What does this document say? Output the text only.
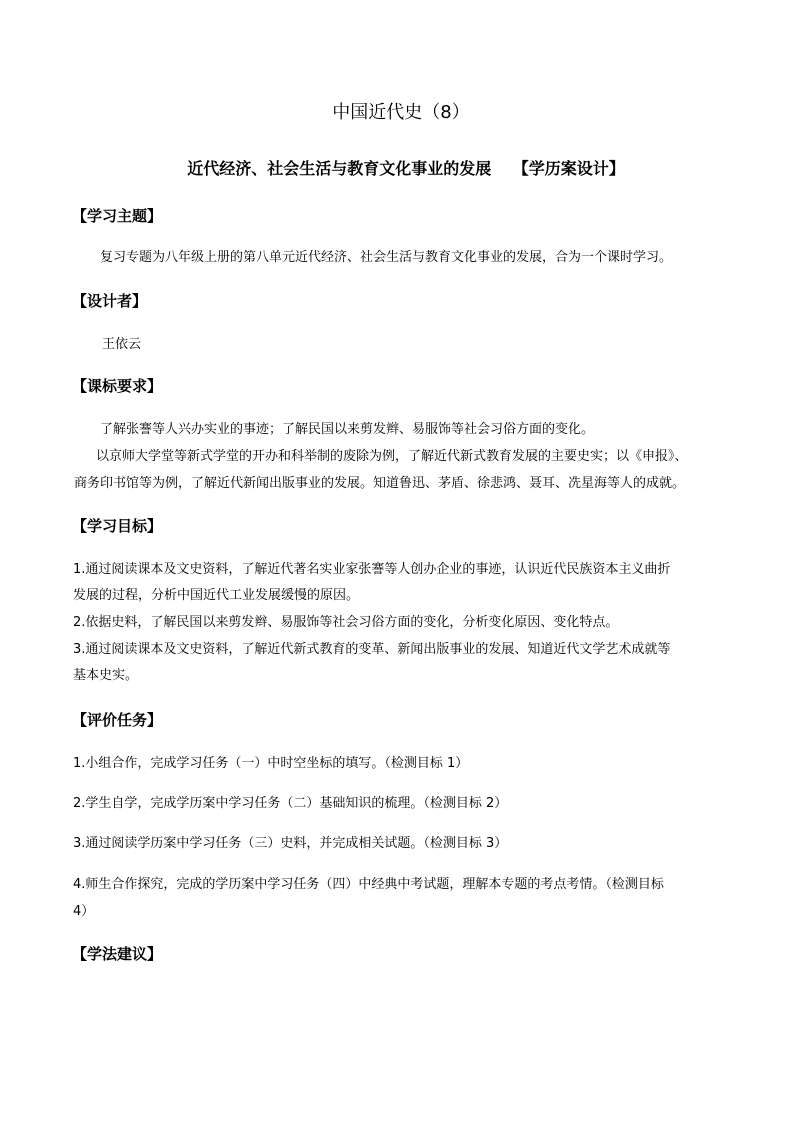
中国近代史（8）
近代经济、社会生活与教育文化事业的发展　 【学历案设计】
【学习主题】
复习专题为八年级上册的第八单元近代经济、社会生活与教育文化事业的发展，合为一个课时学习。
【设计者】
王依云
【课标要求】
了解张謇等人兴办实业的事迹；了解民国以来剪发辫、易服饰等社会习俗方面的变化。
以京师大学堂等新式学堂的开办和科举制的废除为例，了解近代新式教育发展的主要史实；以《申报》、
商务印书馆等为例，了解近代新闻出版事业的发展。知道鲁迅、茅盾、徐悲鸿、聂耳、冼星海等人的成就。
【学习目标】
1.通过阅读课本及文史资料，了解近代著名实业家张謇等人创办企业的事迹，认识近代民族资本主义曲折
发展的过程，分析中国近代工业发展缓慢的原因。
2.依据史料，了解民国以来剪发辫、易服饰等社会习俗方面的变化，分析变化原因、变化特点。
3.通过阅读课本及文史资料，了解近代新式教育的变革、新闻出版事业的发展、知道近代文学艺术成就等
基本史实。
【评价任务】
1.小组合作，完成学习任务（一）中时空坐标的填写。（检测目标 1）
2.学生自学，完成学历案中学习任务（二）基础知识的梳理。（检测目标 2）
3.通过阅读学历案中学习任务（三）史料，并完成相关试题。（检测目标 3）
4.师生合作探究，完成的学历案中学习任务（四）中经典中考试题，理解本专题的考点考情。（检测目标
4）
【学法建议】
